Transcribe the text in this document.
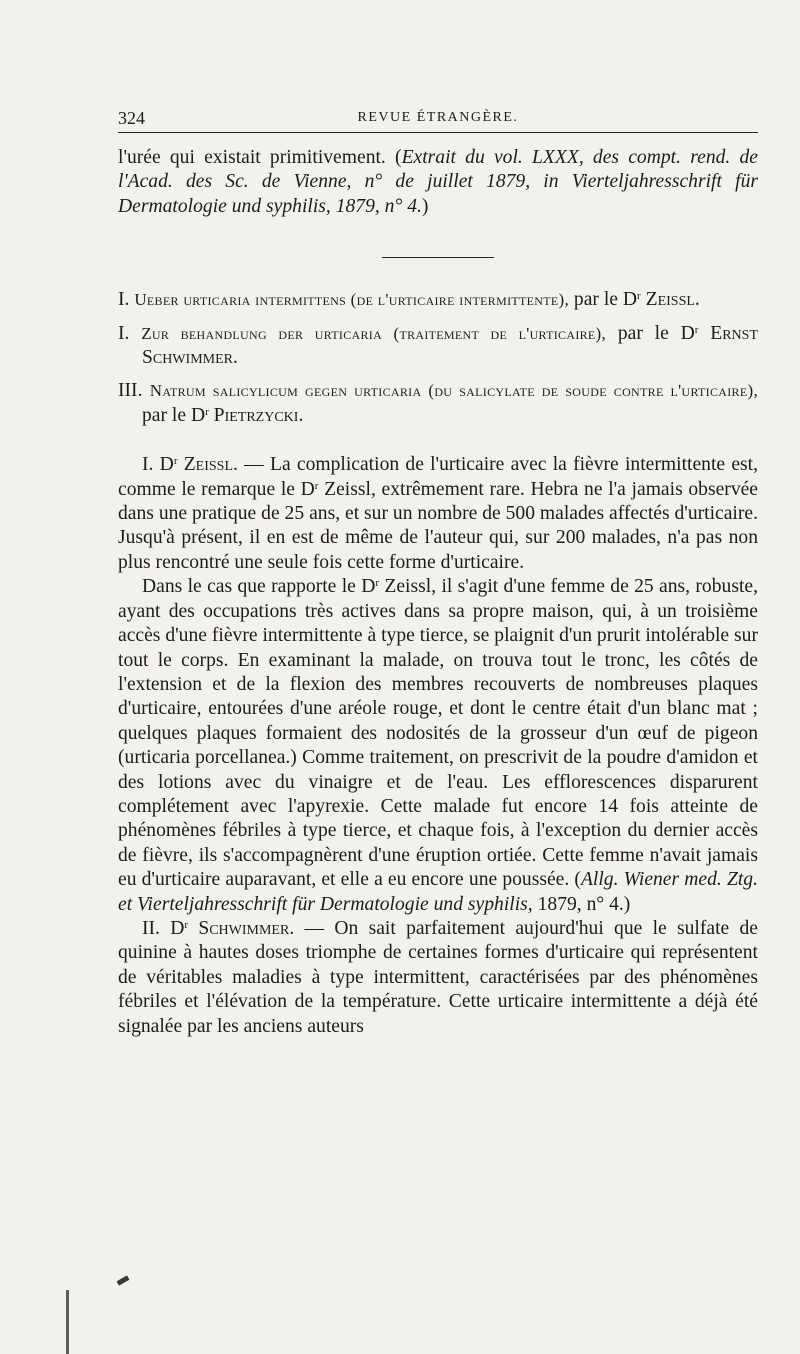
324	REVUE ÉTRANGÈRE.

l'urée qui existait primitivement. (Extrait du vol. LXXX, des compt. rend. de l'Acad. des Sc. de Vienne, n° de juillet 1879, in Vierteljahresschrift für Dermatologie und syphilis, 1879, n° 4.)

I. Ueber urticaria intermittens (de l'urticaire intermittente), par le $D^r$ Zeissl.

I. Zur behandlung der urticaria (traitement de l'urticaire), par le $D^r$ Ernst Schwimmer.

III. Natrum salicylicum gegen urticaria (du salicylate de soude contre l'urticaire), par le $D^r$ Pietrzycki.

I. $D^r$ Zeissl. — La complication de l'urticaire avec la fièvre intermittente est, comme le remarque le $D^r$ Zeissl, extrêmement rare. Hebra ne l'a jamais observée dans une pratique de 25 ans, et sur un nombre de 500 malades affectés d'urticaire. Jusqu'à présent, il en est de même de l'auteur qui, sur 200 malades, n'a pas non plus rencontré une seule fois cette forme d'urticaire.

Dans le cas que rapporte le $D^r$ Zeissl, il s'agit d'une femme de 25 ans, robuste, ayant des occupations très actives dans sa propre maison, qui, à un troisième accès d'une fièvre intermittente à type tierce, se plaignit d'un prurit intolérable sur tout le corps. En examinant la malade, on trouva tout le tronc, les côtés de l'extension et de la flexion des membres recouverts de nombreuses plaques d'urticaire, entourées d'une aréole rouge, et dont le centre était d'un blanc mat ; quelques plaques formaient des nodosités de la grosseur d'un œuf de pigeon (urticaria porcellanea.) Comme traitement, on prescrivit de la poudre d'amidon et des lotions avec du vinaigre et de l'eau. Les efflorescences disparurent complétement avec l'apyrexie. Cette malade fut encore 14 fois atteinte de phénomènes fébriles à type tierce, et chaque fois, à l'exception du dernier accès de fièvre, ils s'accompagnèrent d'une éruption ortiée. Cette femme n'avait jamais eu d'urticaire auparavant, et elle a eu encore une poussée. (Allg. Wiener med. Ztg. et Vierteljahresschrift für Dermatologie und syphilis, 1879, n° 4.)

II. $D^r$ Schwimmer. — On sait parfaitement aujourd'hui que le sulfate de quinine à hautes doses triomphe de certaines formes d'urticaire qui représentent de véritables maladies à type intermittent, caractérisées par des phénomènes fébriles et l'élévation de la température. Cette urticaire intermittente a déjà été signalée par les anciens auteurs
